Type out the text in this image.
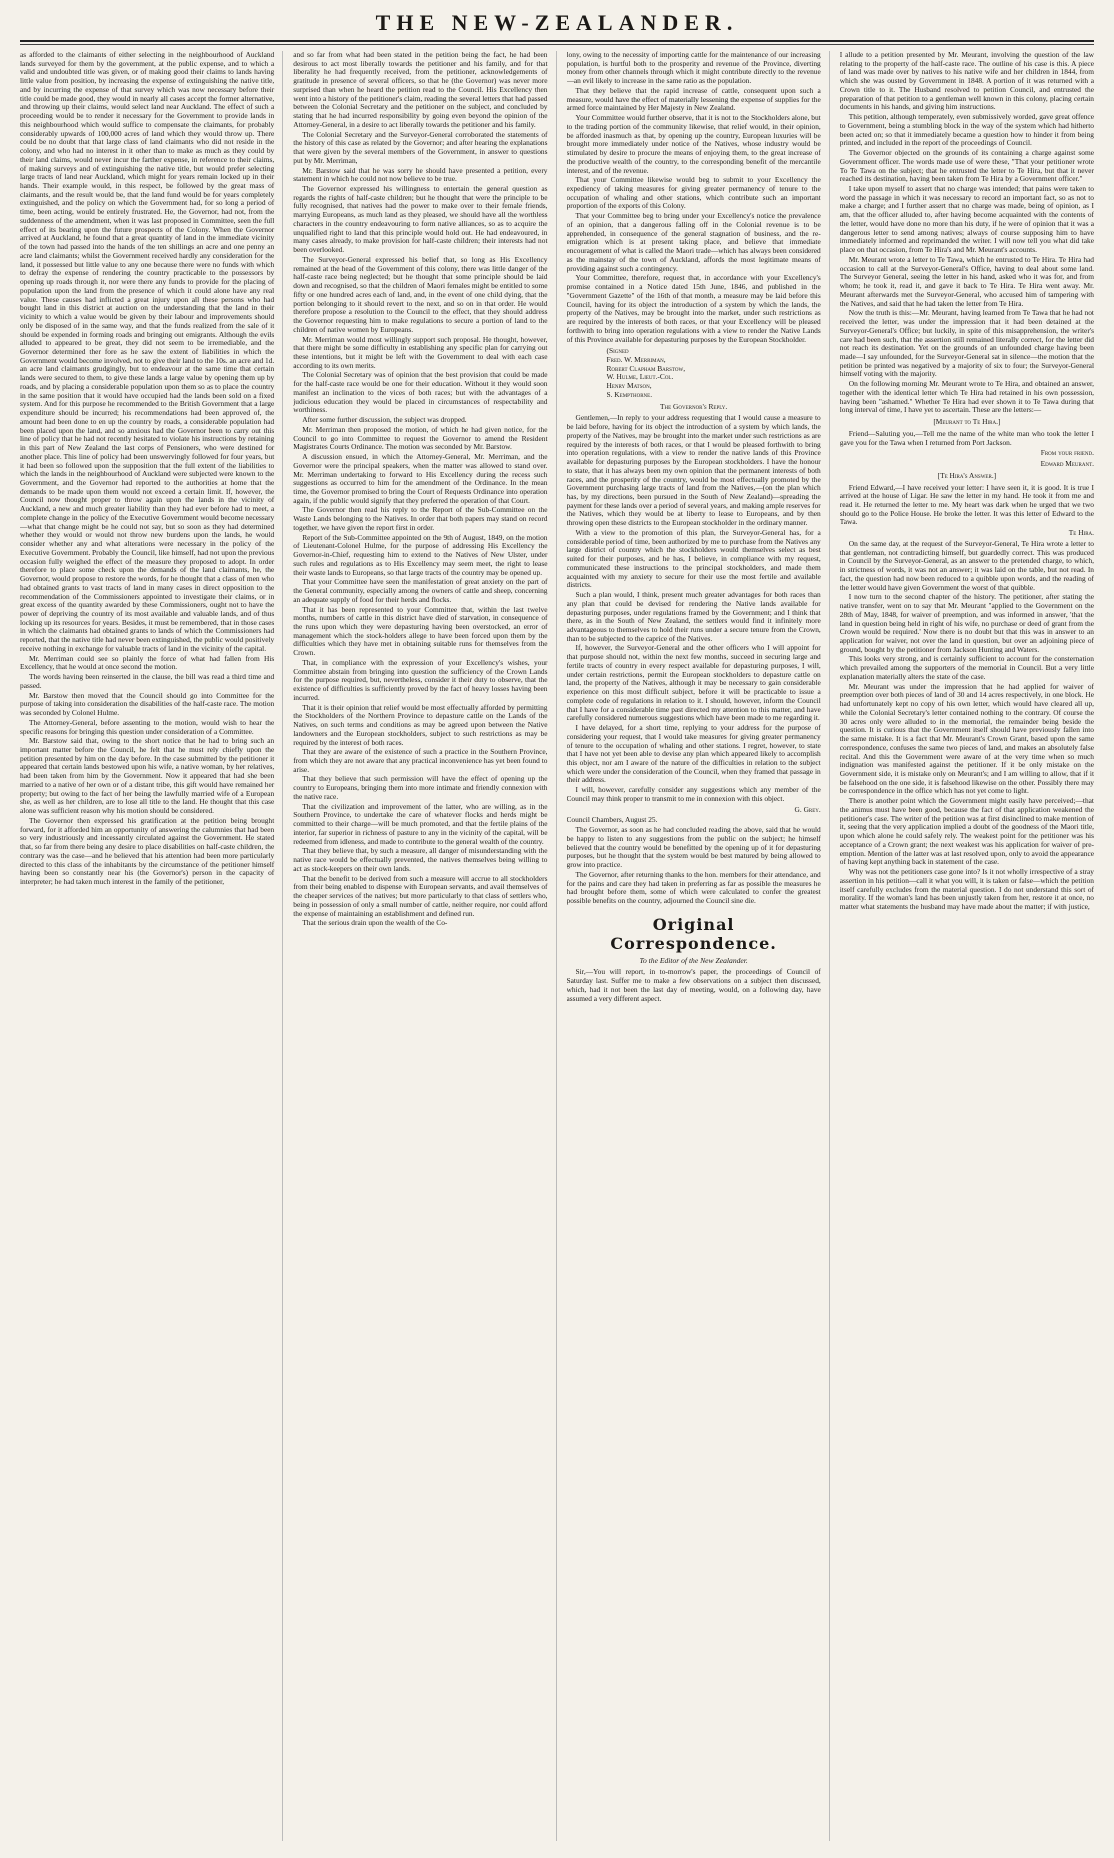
THE NEW-ZEALANDER.

as afforded to the claimants of either selecting in the neighbourhood of Auckland lands surveyed for them by the government, at the public expense, and to which a valid and undoubted title was given, or of making good their claims to lands having little value from position, by increasing the expense of extinguishing the native title, and by incurring the expense of that survey which was now necessary before their title could be made good, they would in nearly all cases accept the former alternative, and throwing up their claims, would select land near Auckland. The effect of such a proceeding would be to render it necessary for the Government to provide lands in this neighbourhood which would suffice to compensate the claimants, for probably considerably upwards of 100,000 acres of land which they would throw up. There could be no doubt that that large class of land claimants who did not reside in the colony, and who had no interest in it other than to make as much as they could by their land claims, would never incur the farther expense, in reference to their claims, of making surveys and of extinguishing the native title, but would prefer selecting large tracts of land near Auckland, which might for years remain locked up in their hands. Their example would, in this respect, be followed by the great mass of claimants, and the result would be, that the land fund would be for years completely extinguished, and the policy on which the Government had, for so long a period of time, been acting, would be entirely frustrated. He, the Governor, had not, from the suddenness of the amendment, when it was last proposed in Committee, seen the full effect of its bearing upon the future prospects of the Colony. When the Governor arrived at Auckland, he found that a great quantity of land in the immediate vicinity of the town had passed into the hands of the ten shillings an acre and one penny an acre land claimants; whilst the Government received hardly any consideration for the land, it possessed but little value to any one because there were no funds with which to defray the expense of rendering the country practicable to the possessors by opening up roads through it, nor were there any funds to provide for the placing of population upon the land from the presence of which it could alone have any real value. These causes had inflicted a great injury upon all these persons who had bought land in this district at auction on the understanding that the land in their vicinity to which a value would be given by their labour and improvements should only be disposed of in the same way, and that the funds realized from the sale of it should be expended in forming roads and bringing out emigrants. Although the evils alluded to appeared to be great, they did not seem to be irremediable, and the Governor determined ther fore as he saw the extent of liabilities in which the Government would become involved, not to give their land to the 10s. an acre and 1d. an acre land claimants grudgingly, but to endeavour at the same time that certain lands were secured to them, to give these lands a large value by opening them up by roads, and by placing a considerable population upon them so as to place the country in the same position that it would have occupied had the lands been sold on a fixed system. And for this purpose he recommended to the British Government that a large expenditure should be incurred; his recommendations had been approved of, the amount had been done to en up the country by roads, a considerable population had been placed upon the land, and so anxious had the Governor been to carry out this line of policy that he had not recently hesitated to violate his instructions by retaining in this part of New Zealand the last corps of Pensioners, who were destined for another place. This line of policy had been unswervingly followed for four years, but it had been so followed upon the supposition that the full extent of the liabilities to which the lands in the neighbourhood of Auckland were subjected were known to the Government, and the Governor had reported to the authorities at home that the demands to be made upon them would not exceed a certain limit. If, however, the Council now thought proper to throw again upon the lands in the vicinity of Auckland, a new and much greater liability than they had ever before had to meet, a complete change in the policy of the Executive Government would become necessary—what that change might be he could not say, but so soon as they had determined whether they would or would not throw new burdens upon the lands, he would consider whether any and what alterations were necessary in the policy of the Executive Government. Probably the Council, like himself, had not upon the previous occasion fully weighed the effect of the measure they proposed to adopt. In order therefore to place some check upon the demands of the land claimants, he, the Governor, would propose to restore the words, for he thought that a class of men who had obtained grants to vast tracts of land in many cases in direct opposition to the recommendation of the Commissioners appointed to investigate their claims, or in great excess of the quantity awarded by these Commissioners, ought not to have the power of depriving the country of its most available and valuable lands, and of thus locking up its resources for years. Besides, it must be remembered, that in those cases in which the claimants had obtained grants to lands of which the Commissioners had reported, that the native title had never been extinguished, the public would positively receive nothing in exchange for valuable tracts of land in the vicinity of the capital.

Mr. Merriman could see so plainly the force of what had fallen from His Excellency, that he would at once second the motion.

The words having been reinserted in the clause, the bill was read a third time and passed.

Mr. Barstow then moved that the Council should go into Committee for the purpose of taking into consideration the disabilities of the half-caste race. The motion was seconded by Colonel Hulme.

The Attorney-General, before assenting to the motion, would wish to hear the specific reasons for bringing this question under consideration of a Committee.

Mr. Barstow said that, owing to the short notice that he had to bring such an important matter before the Council, he felt that he must rely chiefly upon the petition presented by him on the day before. In the case submitted by the petitioner it appeared that certain lands bestowed upon his wife, a native woman, by her relatives, had been taken from him by the Government. Now it appeared that had she been married to a native of her own or of a distant tribe, this gift would have remained her property; but owing to the fact of her being the lawfully married wife of a European she, as well as her children, are to lose all title to the land. He thought that this case alone was sufficient reason why his motion should be considered.

The Governor then expressed his gratification at the petition being brought forward, for it afforded him an opportunity of answering the calumnies that had been so very industriously and incessantly circulated against the Government. He stated that, so far from there being any desire to place disabilities on half-caste children, the contrary was the case—and he believed that his attention had been more particularly directed to this class of the inhabitants by the circumstance of the petitioner himself having been so constantly near his (the Governor's) person in the capacity of interpreter; he had taken much interest in the family of the petitioner,

and so far from what had been stated in the petition being the fact, he had been desirous to act most liberally towards the petitioner and his family, and for that liberality he had frequently received, from the petitioner, acknowledgements of gratitude in presence of several officers, so that he (the Governor) was never more surprised than when he heard the petition read to the Council. His Excellency then went into a history of the petitioner's claim, reading the several letters that had passed between the Colonial Secretary and the petitioner on the subject, and concluded by stating that he had incurred responsibility by going even beyond the opinion of the Attorney-General, in a desire to act liberally towards the petitioner and his family.

The Colonial Secretary and the Surveyor-General corroborated the statements of the history of this case as related by the Governor; and after hearing the explanations that were given by the several members of the Government, in answer to questions put by Mr. Merriman,

Mr. Barstow said that he was sorry he should have presented a petition, every statement in which he could not now believe to be true.

The Governor expressed his willingness to entertain the general question as regards the rights of half-caste children; but he thought that were the principle to be fully recognised, that natives had the power to make over to their female friends, marrying Europeans, as much land as they pleased, we should have all the worthless characters in the country endeavouring to form native alliances, so as to acquire the unqualified right to land that this principle would hold out. He had endeavoured, in many cases already, to make provision for half-caste children; their interests had not been overlooked.

The Surveyor-General expressed his belief that, so long as His Excellency remained at the head of the Government of this colony, there was little danger of the half-caste race being neglected; but he thought that some principle should be laid down and recognised, so that the children of Maori females might be entitled to some fifty or one hundred acres each of land, and, in the event of one child dying, that the portion belonging to it should revert to the next, and so on in that order. He would therefore propose a resolution to the Council to the effect, that they should address the Governor requesting him to make regulations to secure a portion of land to the children of native women by Europeans.

Mr. Merriman would most willingly support such proposal. He thought, however, that there might be some difficulty in establishing any specific plan for carrying out these intentions, but it might be left with the Government to deal with each case according to its own merits.

The Colonial Secretary was of opinion that the best provision that could be made for the half-caste race would be one for their education. Without it they would soon manifest an inclination to the vices of both races; but with the advantages of a judicious education they would be placed in circumstances of respectability and worthiness.

After some further discussion, the subject was dropped.

Mr. Merriman then proposed the motion, of which he had given notice, for the Council to go into Committee to request the Governor to amend the Resident Magistrates Courts Ordinance. The motion was seconded by Mr. Barstow.

A discussion ensued, in which the Attorney-General, Mr. Merriman, and the Governor were the principal speakers, when the matter was allowed to stand over. Mr. Merriman undertaking to forward to His Excellency during the recess such suggestions as occurred to him for the amendment of the Ordinance. In the mean time, the Governor promised to bring the Court of Requests Ordinance into operation again, if the public would signify that they preferred the operation of that Court.

The Governor then read his reply to the Report of the Sub-Committee on the Waste Lands belonging to the Natives. In order that both papers may stand on record together, we have given the report first in order.

Report of the Sub-Committee appointed on the 9th of August, 1849, on the motion of Lieutenant-Colonel Hulme, for the purpose of addressing His Excellency the Governor-in-Chief, requesting him to extend to the Natives of New Ulster, under such rules and regulations as to His Excellency may seem meet, the right to lease their waste lands to Europeans, so that large tracts of the country may be opened up.

That your Committee have seen the manifestation of great anxiety on the part of the General community, especially among the owners of cattle and sheep, concerning an adequate supply of food for their herds and flocks.

That it has been represented to your Committee that, within the last twelve months, numbers of cattle in this district have died of starvation, in consequence of the runs upon which they were depasturing having been overstocked, an error of management which the stock-holders allege to have been forced upon them by the difficulties which they have met in obtaining suitable runs for themselves from the Crown.

That, in compliance with the expression of your Excellency's wishes, your Committee abstain from bringing into question the sufficiency of the Crown Lands for the purpose required, but, nevertheless, consider it their duty to observe, that the existence of difficulties is sufficiently proved by the fact of heavy losses having been incurred.

That it is their opinion that relief would be most effectually afforded by permitting the Stockholders of the Northern Province to depasture cattle on the Lands of the Natives, on such terms and conditions as may be agreed upon between the Native landowners and the European stockholders, subject to such restrictions as may be required by the interest of both races.

That they are aware of the existence of such a practice in the Southern Province, from which they are not aware that any practical inconvenience has yet been found to arise.

That they believe that such permission will have the effect of opening up the country to Europeans, bringing them into more intimate and friendly connexion with the native race.

That the civilization and improvement of the latter, who are willing, as in the Southern Province, to undertake the care of whatever flocks and herds might be committed to their charge—will be much promoted, and that the fertile plains of the interior, far superior in richness of pasture to any in the vicinity of the capital, will be redeemed from idleness, and made to contribute to the general wealth of the country.

That they believe that, by such a measure, all danger of misunderstanding with the native race would be effectually prevented, the natives themselves being willing to act as stock-keepers on their own lands.

That the benefit to be derived from such a measure will accrue to all stockholders from their being enabled to dispense with European servants, and avail themselves of the cheaper services of the natives; but more particularly to that class of settlers who, being in possession of only a small number of cattle, neither require, nor could afford the expense of maintaining an establishment and defined run.

That the serious drain upon the wealth of the Co-

lony, owing to the necessity of importing cattle for the maintenance of our increasing population, is hurtful both to the prosperity and revenue of the Province, diverting money from other channels through which it might contribute directly to the revenue—an evil likely to increase in the same ratio as the population.

That they believe that the rapid increase of cattle, consequent upon such a measure, would have the effect of materially lessening the expense of supplies for the armed force maintained by Her Majesty in New Zealand.

Your Committee would further observe, that it is not to the Stockholders alone, but to the trading portion of the community likewise, that relief would, in their opinion, be afforded inasmuch as that, by opening up the country, European luxuries will be brought more immediately under notice of the Natives, whose industry would be stimulated by desire to procure the means of enjoying them, to the great increase of the productive wealth of the country, to the corresponding benefit of the mercantile interest, and of the revenue.

That your Committee likewise would beg to submit to your Excellency the expediency of taking measures for giving greater permanency of tenure to the occupation of whaling and other stations, which contribute such an important proportion of the exports of this Colony.

That your Committee beg to bring under your Excellency's notice the prevalence of an opinion, that a dangerous falling off in the Colonial revenue is to be apprehended, in consequence of the general stagnation of business, and the re-emigration which is at present taking place, and believe that immediate encouragement of what is called the Maori trade—which has always been considered as the mainstay of the town of Auckland, affords the most legitimate means of providing against such a contingency.

Your Committee, therefore, request that, in accordance with your Excellency's promise contained in a Notice dated 15th June, 1846, and published in the "Government Gazette" of the 16th of that month, a measure may be laid before this Council, having for its object the introduction of a system by which the lands, the property of the Natives, may be brought into the market, under such restrictions as are required by the interests of both races, or that your Excellency will be pleased forthwith to bring into operation regulations with a view to render the Native Lands of this Province available for depasturing purposes by the European Stockholder.

(Signed
Fred. W. Merriman,
Robert Clapham Barstow,
W. Hulme, Lieut.-Col.
Henry Matson,
S. Kempthorne.
The Governor's Reply.

Gentlemen,—In reply to your address requesting that I would cause a measure to be laid before, having for its object the introduction of a system by which lands, the property of the Natives, may be brought into the market under such restrictions as are required by the interests of both races, or that I would be pleased forthwith to bring into operation regulations, with a view to render the native lands of this Province available for depasturing purposes by the European stockholders. I have the honour to state, that it has always been my own opinion that the permanent interests of both races, and the prosperity of the country, would be most effectually promoted by the Government purchasing large tracts of land from the Natives,—(on the plan which has, by my directions, been pursued in the South of New Zealand)—spreading the payment for these lands over a period of several years, and making ample reserves for the Natives, which they would be at liberty to lease to Europeans, and by then throwing open these districts to the European stockholder in the ordinary manner.

With a view to the promotion of this plan, the Surveyor-General has, for a considerable period of time, been authorized by me to purchase from the Natives any large district of country which the stockholders would themselves select as best suited for their purposes, and he has, I believe, in compliance with my request, communicated these instructions to the principal stockholders, and made them acquainted with my anxiety to secure for their use the most fertile and available districts.

Such a plan would, I think, present much greater advantages for both races than any plan that could be devised for rendering the Native lands available for depasturing purposes, under regulations framed by the Government; and I think that there, as in the South of New Zealand, the settlers would find it infinitely more advantageous to themselves to hold their runs under a secure tenure from the Crown, than to be subjected to the caprice of the Natives.

If, however, the Surveyor-General and the other officers who I will appoint for that purpose should not, within the next few months, succeed in securing large and fertile tracts of country in every respect available for depasturing purposes, I will, under certain restrictions, permit the European stockholders to depasture cattle on land, the property of the Natives, although it may be necessary to gain considerable experience on this most difficult subject, before it will be practicable to issue a complete code of regulations in relation to it. I should, however, inform the Council that I have for a considerable time past directed my attention to this matter, and have carefully considered numerous suggestions which have been made to me regarding it.

I have delayed, for a short time, replying to your address for the purpose of considering your request, that I would take measures for giving greater permanency of tenure to the occupation of whaling and other stations. I regret, however, to state that I have not yet been able to devise any plan which appeared likely to accomplish this object, nor am I aware of the nature of the difficulties in relation to the subject which were under the consideration of the Council, when they framed that passage in their address.

I will, however, carefully consider any suggestions which any member of the Council may think proper to transmit to me in connexion with this object.

G. Grey.

Council Chambers, August 25.

The Governor, as soon as he had concluded reading the above, said that he would be happy to listen to any suggestions from the public on the subject; he himself believed that the country would be benefitted by the opening up of it for depasturing purposes, but he thought that the system would be best matured by being allowed to grow into practice.

The Governor, after returning thanks to the hon. members for their attendance, and for the pains and care they had taken in preferring as far as possible the measures he had brought before them, some of which were calculated to confer the greatest possible benefits on the country, adjourned the Council sine die.

Original Correspondence.
To the Editor of the New Zealander.

Sir,—You will report, in to-morrow's paper, the proceedings of Council of Saturday last. Suffer me to make a few observations on a subject then discussed, which, had it not been the last day of meeting, would, on a following day, have assumed a very different aspect.

I allude to a petition presented by Mr. Meurant, involving the question of the law relating to the property of the half-caste race. The outline of his case is this. A piece of land was made over by natives to his native wife and her children in 1844, from which she was ousted by Government in 1848. A portion of it was returned with a Crown title to it. The Husband resolved to petition Council, and entrusted the preparation of that petition to a gentleman well known in this colony, placing certain documents in his hands, and giving him instructions.

This petition, although temperately, even submissively worded, gave great offence to Government, being a stumbling block in the way of the system which had hitherto been acted on; so that it immediately became a question how to hinder it from being printed, and included in the report of the proceedings of Council.

The Governor objected on the grounds of its containing a charge against some Government officer. The words made use of were these, "That your petitioner wrote To Te Tawa on the subject; that he entrusted the letter to Te Hira, but that it never reached its destination, having been taken from Te Hira by a Government officer."

I take upon myself to assert that no charge was intended; that pains were taken to word the passage in which it was necessary to record an important fact, so as not to make a charge; and I further assert that no charge was made, being of opinion, as I am, that the officer alluded to, after having become acquainted with the contents of the letter, would have done no more than his duty, if he were of opinion that it was a dangerous letter to send among natives; always of course supposing him to have immediately informed and reprimanded the writer. I will now tell you what did take place on that occasion, from Te Hira's and Mr. Meurant's accounts.

Mr. Meurant wrote a letter to Te Tawa, which he entrusted to Te Hira. Te Hira had occasion to call at the Surveyor-General's Office, having to deal about some land. The Surveyor General, seeing the letter in his hand, asked who it was for, and from whom; he took it, read it, and gave it back to Te Hira. Te Hira went away. Mr. Meurant afterwards met the Surveyor-General, who accused him of tampering with the Natives, and said that he had taken the letter from Te Hira.

Now the truth is this:—Mr. Meurant, having learned from Te Tawa that he had not received the letter, was under the impression that it had been detained at the Surveyor-General's Office; but luckily, in spite of this misapprehension, the writer's care had been such, that the assertion still remained literally correct, for the letter did not reach its destination. Yet on the grounds of an unfounded charge having been made—I say unfounded, for the Surveyor-General sat in silence—the motion that the petition be printed was negatived by a majority of six to four; the Surveyor-General himself voting with the majority.

On the following morning Mr. Meurant wrote to Te Hira, and obtained an answer, together with the identical letter which Te Hira had retained in his own possession, having been "ashamed." Whether Te Hira had ever shown it to Te Tawa during that long interval of time, I have yet to ascertain. These are the letters:—

[Meurant to Te Hira.]

Friend—Saluting you,—Tell me the name of the white man who took the letter I gave you for the Tawa when I returned from Port Jackson.

From your friend.
Edward Meurant.
[Te Hira's Answer.]

Friend Edward,—I have received your letter: I have seen it, it is good. It is true I arrived at the house of Ligar. He saw the letter in my hand. He took it from me and read it. He returned the letter to me. My heart was dark when he urged that we two should go to the Police House. He broke the letter. It was this letter of Edward to the Tawa.

Te Hira.

On the same day, at the request of the Surveyor-General, Te Hira wrote a letter to that gentleman, not contradicting himself, but guardedly correct. This was produced in Council by the Surveyor-General, as an answer to the pretended charge, to which, in strictness of words, it was not an answer; it was laid on the table, but not read. In fact, the question had now been reduced to a quibble upon words, and the reading of the letter would have given Government the worst of that quibble.

I now turn to the second chapter of the history. The petitioner, after stating the native transfer, went on to say that Mr. Meurant "applied to the Government on the 28th of May, 1848, for waiver of preemption, and was informed in answer, 'that the land in question being held in right of his wife, no purchase or deed of grant from the Crown would be required.' Now there is no doubt but that this was in answer to an application for waiver, not over the land in question, but over an adjoining piece of ground, bought by the petitioner from Jackson Hunting and Waters.

This looks very strong, and is certainly sufficient to account for the consternation which prevailed among the supporters of the memorial in Council. But a very little explanation materially alters the state of the case.

Mr. Meurant was under the impression that he had applied for waiver of preemption over both pieces of land of 30 and 14 acres respectively, in one block. He had unfortunately kept no copy of his own letter, which would have cleared all up, while the Colonial Secretary's letter contained nothing to the contrary. Of course the 30 acres only were alluded to in the memorial, the remainder being beside the question. It is curious that the Government itself should have previously fallen into the same mistake. It is a fact that Mr. Meurant's Crown Grant, based upon the same correspondence, confuses the same two pieces of land, and makes an absolutely false recital. And this the Government were aware of at the very time when so much indignation was manifested against the petitioner. If it be only mistake on the Government side, it is mistake only on Meurant's; and I am willing to allow, that if it be falsehood on the one side, it is falsehood likewise on the other. Possibly there may be correspondence in the office which has not yet come to light.

There is another point which the Government might easily have perceived;—that the animus must have been good, because the fact of that application weakened the petitioner's case. The writer of the petition was at first disinclined to make mention of it, seeing that the very application implied a doubt of the goodness of the Maori title, upon which alone he could safely rely. The weakest point for the petitioner was his acceptance of a Crown grant; the next weakest was his application for waiver of pre-emption. Mention of the latter was at last resolved upon, only to avoid the appearance of having kept anything back in statement of the case.

Why was not the petitioners case gone into? Is it not wholly irrespective of a stray assertion in his petition—call it what you will, it is taken or false—which the petition itself carefully excludes from the material question. I do not understand this sort of morality. If the woman's land has been unjustly taken from her, restore it at once, no matter what statements the husband may have made about the matter; if with justice,
